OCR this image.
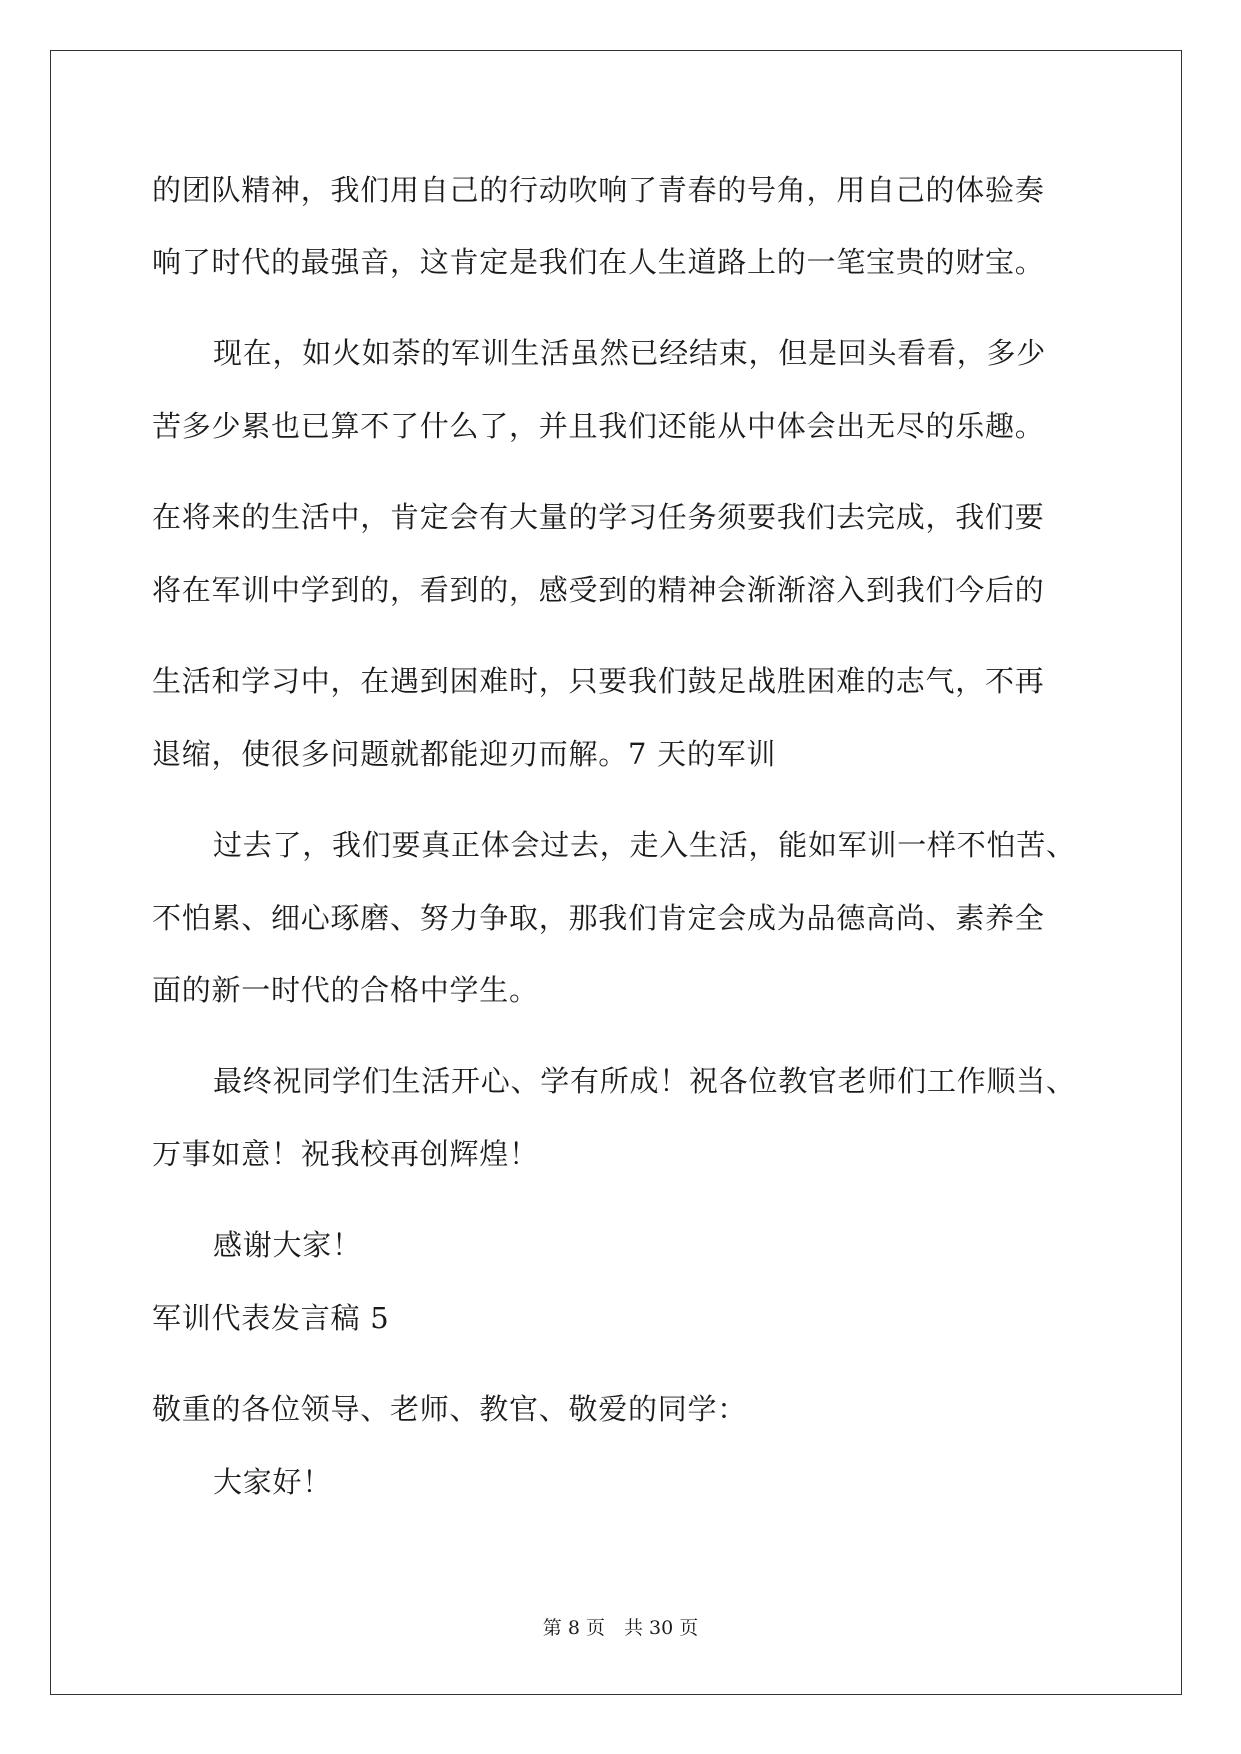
的团队精神，我们用自己的行动吹响了青春的号角，用自己的体验奏
响了时代的最强音，这肯定是我们在人生道路上的一笔宝贵的财宝。
现在，如火如荼的军训生活虽然已经结束，但是回头看看，多少
苦多少累也已算不了什么了，并且我们还能从中体会出无尽的乐趣。
在将来的生活中，肯定会有大量的学习任务须要我们去完成，我们要
将在军训中学到的，看到的，感受到的精神会渐渐溶入到我们今后的
生活和学习中，在遇到困难时，只要我们鼓足战胜困难的志气，不再
退缩，使很多问题就都能迎刃而解。7 天的军训
过去了，我们要真正体会过去，走入生活，能如军训一样不怕苦、
不怕累、细心琢磨、努力争取，那我们肯定会成为品德高尚、素养全
面的新一时代的合格中学生。
最终祝同学们生活开心、学有所成！祝各位教官老师们工作顺当、
万事如意！祝我校再创辉煌！
感谢大家！
军训代表发言稿 5
敬重的各位领导、老师、教官、敬爱的同学：
大家好！
第 8 页　共 30 页
